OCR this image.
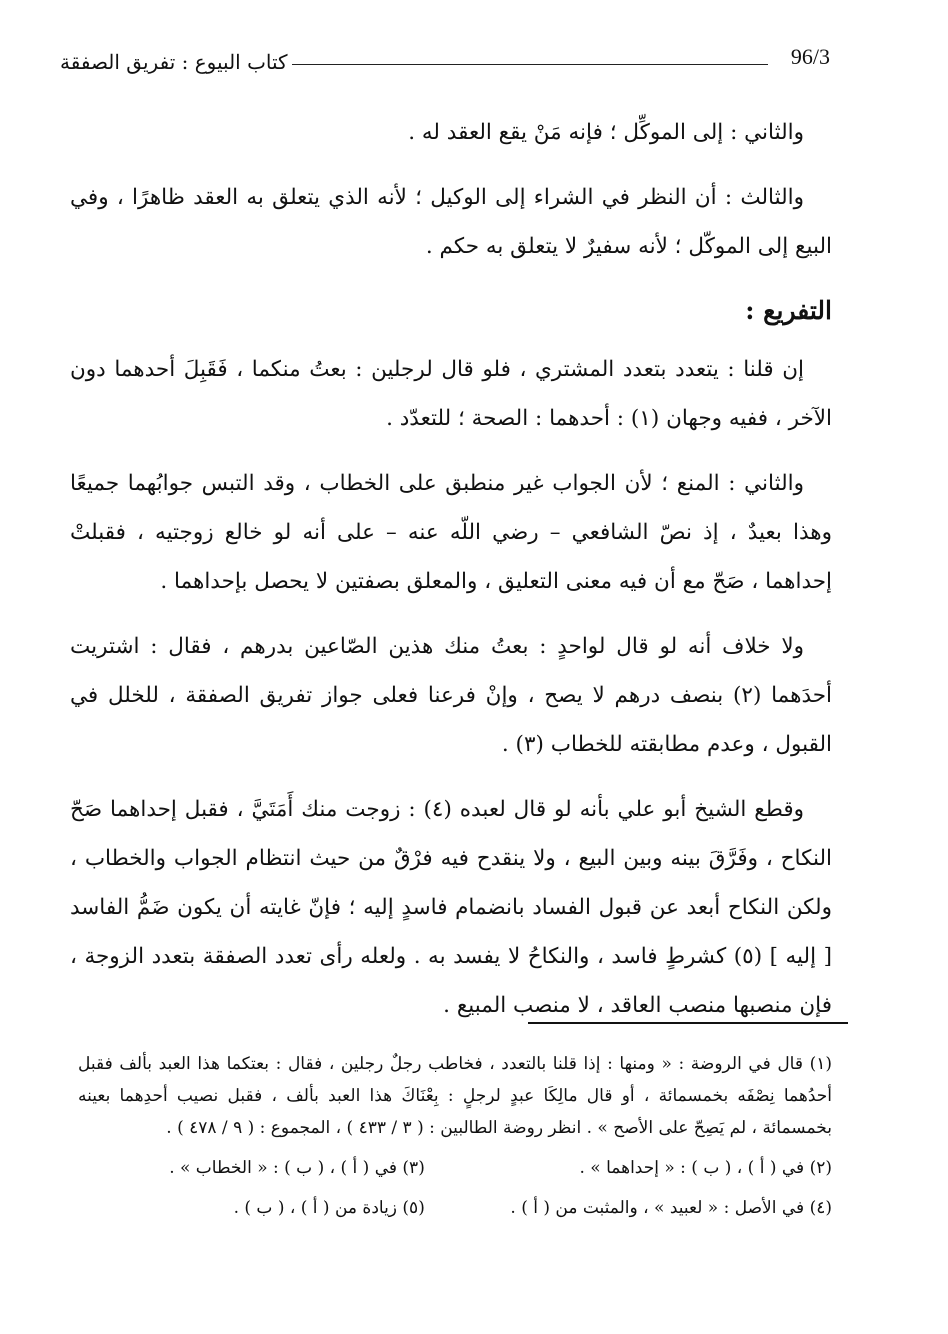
كتاب البيوع : تفريق الصفقة	96/3

والثاني : إلى الموكِّل ؛ فإنه مَنْ يقع العقد له .

والثالث : أن النظر في الشراء إلى الوكيل ؛ لأنه الذي يتعلق به العقد ظاهرًا ، وفي البيع إلى الموكّل ؛ لأنه سفيرٌ لا يتعلق به حكم .

التفريع :

إن قلنا : يتعدد بتعدد المشتري ، فلو قال لرجلين : بعتُ منكما ، فَقَبِلَ أحدهما دون الآخر ، ففيه وجهان (١) : أحدهما : الصحة ؛ للتعدّد .

والثاني : المنع ؛ لأن الجواب غير منطبق على الخطاب ، وقد التبس جوابُهما جميعًا وهذا بعيدٌ ، إذ نصّ الشافعي – رضي اللّه عنه – على أنه لو خالع زوجتيه ، فقبلتْ إحداهما ، صَحّ مع أن فيه معنى التعليق ، والمعلق بصفتين لا يحصل بإحداهما .

ولا خلاف أنه لو قال لواحدٍ : بعتُ منك هذين الصّاعين بدرهم ، فقال : اشتريت أحدَهما (٢) بنصف درهم لا يصح ، وإنْ فرعنا فعلى جواز تفريق الصفقة ، للخلل في القبول ، وعدم مطابقته للخطاب (٣) .

وقطع الشيخ أبو علي بأنه لو قال لعبده (٤) : زوجت منك أَمَتَيَّ ، فقبل إحداهما صَحّ النكاح ، وفَرَّقَ بينه وبين البيع ، ولا ينقدح فيه فرْقٌ من حيث انتظام الجواب والخطاب ، ولكن النكاح أبعد عن قبول الفساد بانضمام فاسدٍ إليه ؛ فإنّ غايته أن يكون ضَمُّ الفاسد [ إليه ] (٥) كشرطٍ فاسد ، والنكاحُ لا يفسد به . ولعله رأى تعدد الصفقة بتعدد الزوجة ، فإن منصبها منصب العاقد ، لا منصب المبيع .

(١) قال في الروضة : « ومنها : إذا قلنا بالتعدد ، فخاطب رجلٌ رجلين ، فقال : بعتكما هذا العبد بألف فقبل أحدُهما نِصْفَه بخمسمائة ، أو قال مالِكَا عبدٍ لرجلٍ : بِعْنَاكَ هذا العبد بألف ، فقبل نصيب أحدِهما بعينه بخمسمائة ، لم يَصِحّ على الأصح » . انظر روضة الطالبين : ( ٣ / ٤٣٣ ) ، المجموع : ( ٩ / ٤٧٨ ) .

(٢) في ( أ ) ، ( ب ) : « إحداهما » .

(٣) في ( أ ) ، ( ب ) : « الخطاب » .

(٤) في الأصل : « لعبيد » ، والمثبت من ( أ ) .

(٥) زيادة من ( أ ) ، ( ب ) .
